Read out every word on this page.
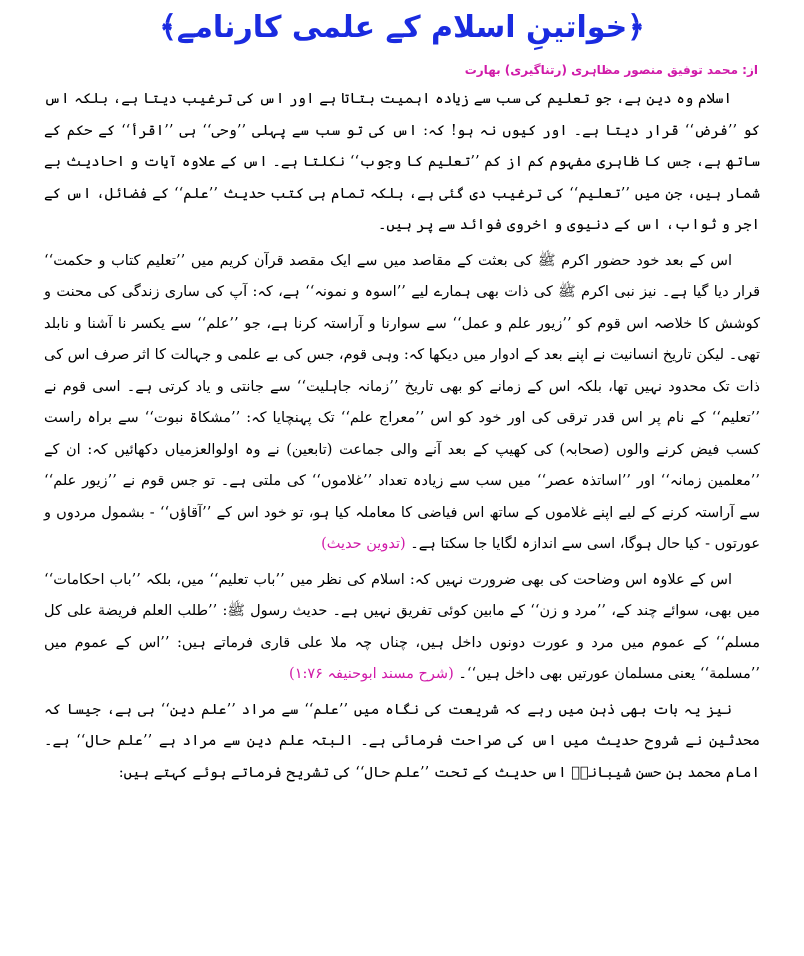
﴿خواتینِ اسلام کے علمی کارنامے﴾
از: محمد توفیق منصور مظاہری (رتناگیری) بھارت

اسلام وہ دین ہے، جو تعلیم کی سب سے زیادہ اہمیت بتاتا ہے اور اس کی ترغیب دیتا ہے، بلکہ اس کو ’’فرض‘‘ قرار دیتا ہے۔ اور کیوں نہ ہو! کہ: اس کی تو سب سے پہلی ’’وحی‘‘ ہی ’’اقرأ‘‘ کے حکم کے ساتھ ہے، جس کا ظاہری مفہوم کم از کم ’’تعلیم کا وجوب‘‘ نکلتا ہے۔ اس کے علاوہ آیات و احادیث بے شمار ہیں، جن میں ’’تعلیم‘‘ کی ترغیب دی گئی ہے، بلکہ تمام ہی کتب حدیث ’’علم‘‘ کے فضائل، اس کے اجر و ثواب، اس کے دنیوی و اخروی فوائد سے پر ہیں۔

اس کے بعد خود حضور اکرم ﷺ کی بعثت کے مقاصد میں سے ایک مقصد قرآن کریم میں ’’تعلیم کتاب و حکمت‘‘ قرار دیا گیا ہے۔ نیز نبی اکرم ﷺ کی ذات بھی ہمارے لیے ’’اسوہ و نمونہ‘‘ ہے، کہ: آپ کی ساری زندگی کی محنت و کوشش کا خلاصہ اس قوم کو ’’زیور علم و عمل‘‘ سے سوارنا و آراستہ کرنا ہے، جو ’’علم‘‘ سے یکسر نا آشنا و نابلد تھی۔ لیکن تاریخ انسانیت نے اپنے بعد کے ادوار میں دیکھا کہ: وہی قوم، جس کی بے علمی و جہالت کا اثر صرف اس کی ذات تک محدود نہیں تھا، بلکہ اس کے زمانے کو بھی تاریخ ’’زمانہ جاہلیت‘‘ سے جانتی و یاد کرتی ہے۔ اسی قوم نے ’’تعلیم‘‘ کے نام پر اس قدر ترقی کی اور خود کو اس ’’معراج علم‘‘ تک پہنچایا کہ: ’’مشکاۃ نبوت‘‘ سے براہ راست کسب فیض کرنے والوں (صحابہ) کی کھیپ کے بعد آنے والی جماعت (تابعین) نے وہ اولوالعزمیاں دکھائیں کہ: ان کے ’’معلمین زمانہ‘‘ اور ’’اساتذہ عصر‘‘ میں سب سے زیادہ تعداد ’’غلاموں‘‘ کی ملتی ہے۔ تو جس قوم نے ’’زیور علم‘‘ سے آراستہ کرنے کے لیے اپنے غلاموں کے ساتھ اس فیاضی کا معاملہ کیا ہو، تو خود اس کے ’’آقاؤں‘‘ - بشمول مردوں و عورتوں - کیا حال ہوگا، اسی سے اندازہ لگایا جا سکتا ہے۔ (تدوین حدیث)

اس کے علاوہ اس وضاحت کی بھی ضرورت نہیں کہ: اسلام کی نظر میں ’’باب تعلیم‘‘ میں، بلکہ ’’باب احکامات‘‘ میں بھی، سوائے چند کے، ’’مرد و زن‘‘ کے مابین کوئی تفریق نہیں ہے۔ حدیث رسول ﷺ: ’’طلب العلم فریضة علی کل مسلم‘‘ کے عموم میں مرد و عورت دونوں داخل ہیں، چناں چہ ملا علی قاری فرماتے ہیں: ’’اس کے عموم میں ’’مسلمة‘‘ یعنی مسلمان عورتیں بھی داخل ہیں‘‘۔ (شرح مسند ابوحنیفہ ۱:۷۶)

نیز یہ بات بھی ذہن میں رہے کہ شریعت کی نگاہ میں ’’علم‘‘ سے مراد ’’علم دین‘‘ ہی ہے، جیسا کہ محدثین نے شروح حدیث میں اس کی صراحت فرمائی ہے۔ البتہ علم دین سے مراد ہے ’’علم حال‘‘ ہے۔ امام محمد بن حسن شیبانیؒ اس حدیث کے تحت ’’علم حال‘‘ کی تشریح فرماتے ہوئے کہتے ہیں:
